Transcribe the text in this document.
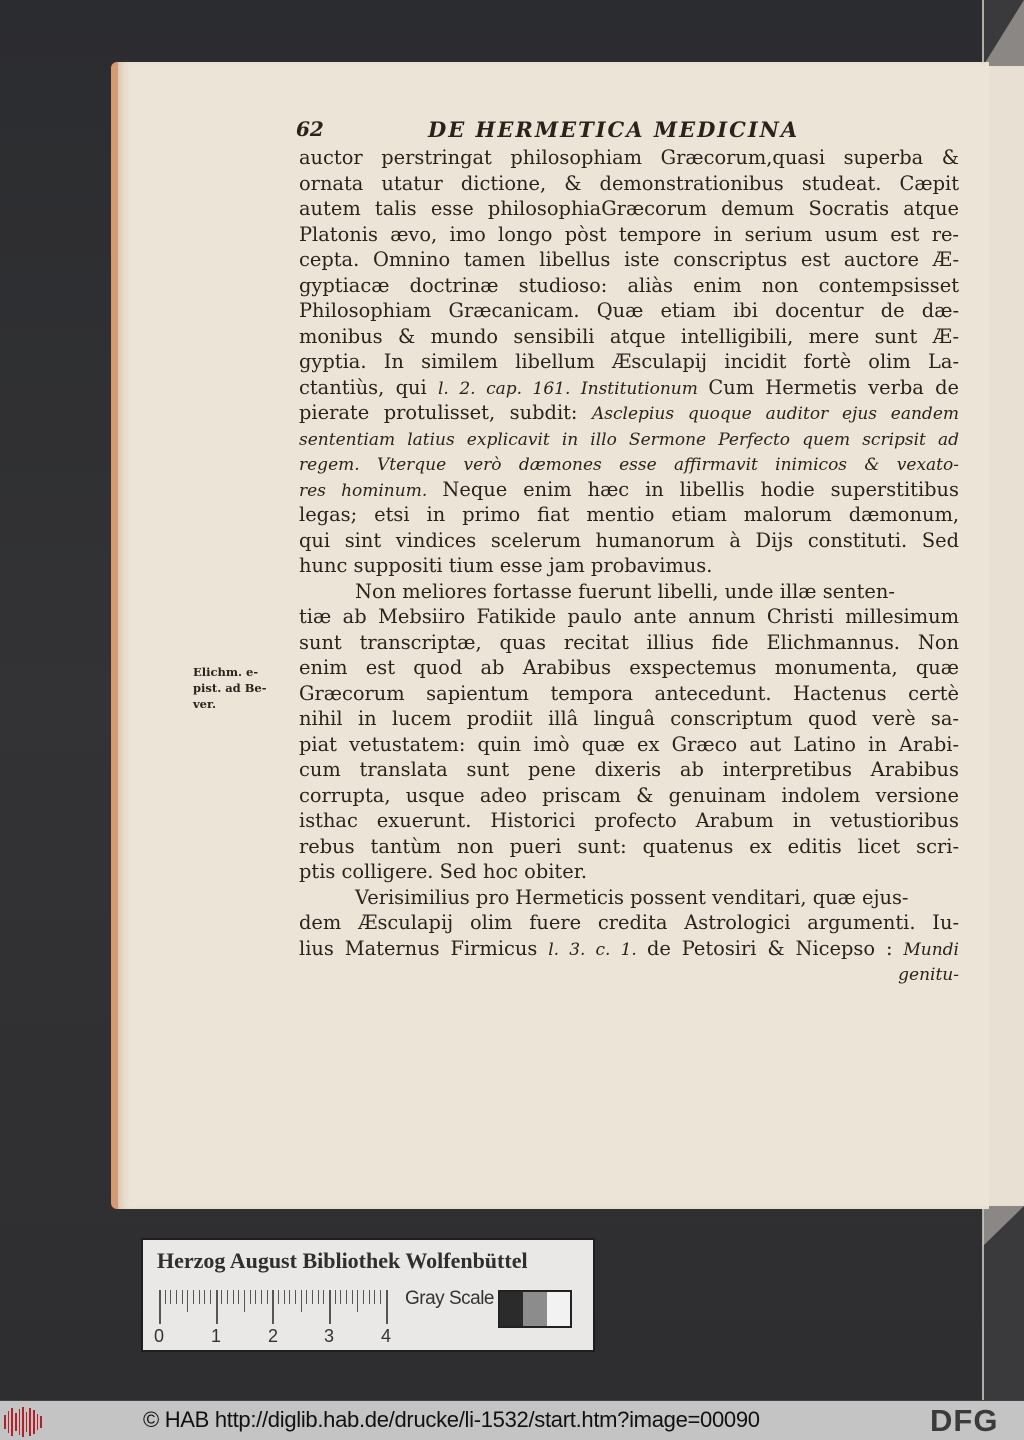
62	DE HERMETICA MEDICINA
Elichm. e-
pist. ad Be-
ver.
auctor perstringat philosophiam Græcorum,quasi superba &
ornata utatur dictione, & demonstrationibus studeat. Cæpit
autem talis esse philosophiaGræcorum demum Socratis atque
Platonis ævo, imo longo pòst tempore in serium usum est re-
cepta. Omnino tamen libellus iste conscriptus est auctore Æ-
gyptiacæ doctrinæ studioso: aliàs enim non contempsisset
Philosophiam Græcanicam. Quæ etiam ibi docentur de dæ-
monibus & mundo sensibili atque intelligibili, mere sunt Æ-
gyptia. In similem libellum Æsculapij incidit fortè olim La-
ctantiùs, qui l. 2. cap. 161. Institutionum Cum Hermetis verba de
pierate protulisset, subdit: Asclepius quoque auditor ejus eandem
sententiam latius explicavit in illo Sermone Perfecto quem scripsit ad
regem. Vterque verò dæmones esse affirmavit inimicos & vexato-
res hominum. Neque enim hæc in libellis hodie superstitibus
legas; etsi in primo fiat mentio etiam malorum dæmonum,
qui sint vindices scelerum humanorum à Dijs constituti. Sed
hunc suppositi tium esse jam probavimus.
Non meliores fortasse fuerunt libelli, unde illæ senten-
tiæ ab Mebsiiro Fatikide paulo ante annum Christi millesimum
sunt transcriptæ, quas recitat illius fide Elichmannus. Non
enim est quod ab Arabibus exspectemus monumenta, quæ
Græcorum sapientum tempora antecedunt. Hactenus certè
nihil in lucem prodiit illâ linguâ conscriptum quod verè sa-
piat vetustatem: quin imò quæ ex Græco aut Latino in Arabi-
cum translata sunt pene dixeris ab interpretibus Arabibus
corrupta, usque adeo priscam & genuinam indolem versione
isthac exuerunt. Historici profecto Arabum in vetustioribus
rebus tantùm non pueri sunt: quatenus ex editis licet scri-
ptis colligere. Sed hoc obiter.
Verisimilius pro Hermeticis possent venditari, quæ ejus-
dem Æsculapij olim fuere credita Astrologici argumenti. Iu-
lius Maternus Firmicus l. 3. c. 1. de Petosiri & Nicepso : Mundi
genitu-
Herzog August Bibliothek Wolfenbüttel
0	1	2	3	4
Gray Scale
© HAB http://diglib.hab.de/drucke/li-1532/start.htm?image=00090	DFG
